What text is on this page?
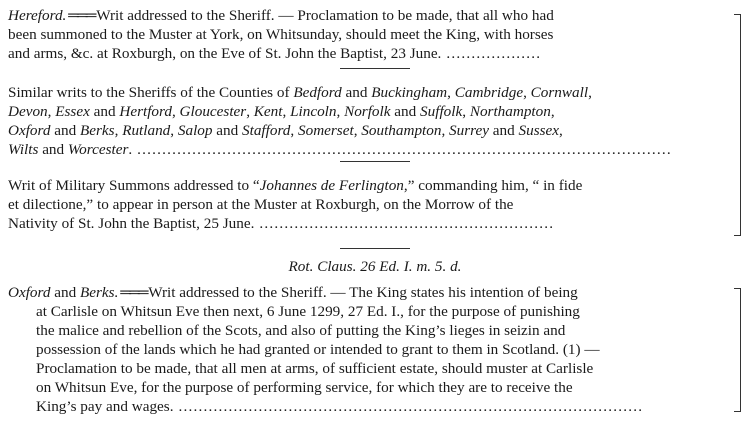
Hereford. ═══ Writ addressed to the Sheriff. — Proclamation to be made, that all who had
been summoned to the Muster at York, on Whitsunday, should meet the King, with horses
and arms, &c. at Roxburgh, on the Eve of St. John the Baptist, 23 June. ...................
Similar writs to the Sheriffs of the Counties of Bedford and Buckingham, Cambridge, Cornwall,
Devon, Essex and Hertford, Gloucester, Kent, Lincoln, Norfolk and Suffolk, Northampton,
Oxford and Berks, Rutland, Salop and Stafford, Somerset, Southampton, Surrey and Sussex,
Wilts and Worcester. ...........................................................................................................
Writ of Military Summons addressed to “Johannes de Ferlington,” commanding him, “ in fide
et dilectione,” to appear in person at the Muster at Roxburgh, on the Morrow of the
Nativity of St. John the Baptist, 25 June. ...........................................................
Rot. Claus. 26 Ed. I. m. 5. d.
Oxford and Berks. ═══ Writ addressed to the Sheriff. — The King states his intention of being
at Carlisle on Whitsun Eve then next, 6 June 1299, 27 Ed. I., for the purpose of punishing
the malice and rebellion of the Scots, and also of putting the King’s lieges in seizin and
possession of the lands which he had granted or intended to grant to them in Scotland. (1) —
Proclamation to be made, that all men at arms, of sufficient estate, should muster at Carlisle
on Whitsun Eve, for the purpose of performing service, for which they are to receive the
King’s pay and wages. .............................................................................................
